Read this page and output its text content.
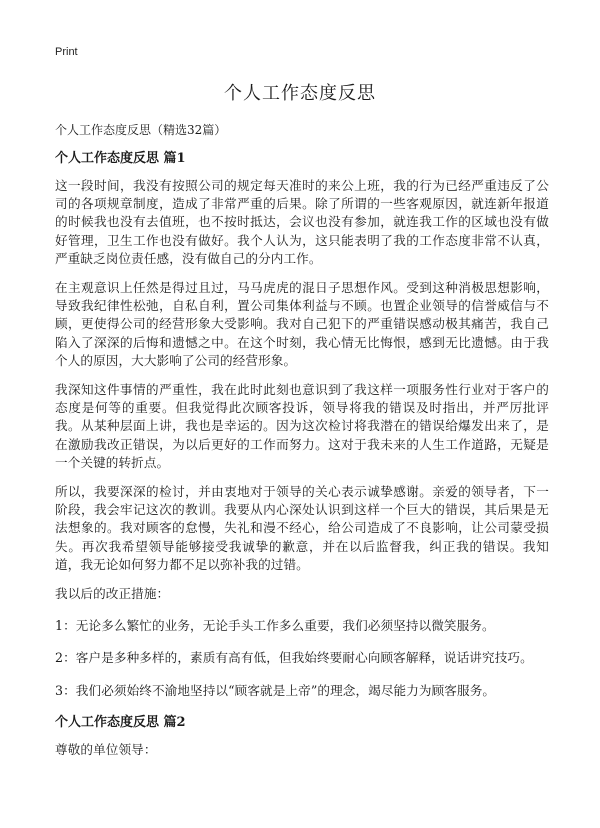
Print
个人工作态度反思

个人工作态度反思（精选32篇）

个人工作态度反思 篇1

这一段时间，我没有按照公司的规定每天准时的来公上班，我的行为已经严重违反了公司的各项规章制度，造成了非常严重的后果。除了所谓的一些客观原因，就连新年报道的时候我也没有去值班，也不按时抵达，会议也没有参加，就连我工作的区域也没有做好管理，卫生工作也没有做好。我个人认为，这只能表明了我的工作态度非常不认真，严重缺乏岗位责任感，没有做自己的分内工作。

在主观意识上任然是得过且过，马马虎虎的混日子思想作风。受到这种消极思想影响，导致我纪律性松弛，自私自利，置公司集体利益与不顾。也置企业领导的信誉威信与不顾，更使得公司的经营形象大受影响。我对自己犯下的严重错误感动极其痛苦，我自己陷入了深深的后悔和遗憾之中。在这个时刻，我心情无比悔恨，感到无比遗憾。由于我个人的原因，大大影响了公司的经营形象。

我深知这件事情的严重性，我在此时此刻也意识到了我这样一项服务性行业对于客户的态度是何等的重要。但我觉得此次顾客投诉，领导将我的错误及时指出，并严厉批评我。从某种层面上讲，我也是幸运的。因为这次检讨将我潜在的错误给爆发出来了，是在激励我改正错误，为以后更好的工作而努力。这对于我未来的人生工作道路，无疑是一个关键的转折点。

所以，我要深深的检讨，并由衷地对于领导的关心表示诚挚感谢。亲爱的领导者，下一阶段，我会牢记这次的教训。我要从内心深处认识到这样一个巨大的错误，其后果是无法想象的。我对顾客的怠慢，失礼和漫不经心，给公司造成了不良影响，让公司蒙受损失。再次我希望领导能够接受我诚挚的歉意，并在以后监督我，纠正我的错误。我知道，我无论如何努力都不足以弥补我的过错。

我以后的改正措施：

1：无论多么繁忙的业务，无论手头工作多么重要，我们必须坚持以微笑服务。

2：客户是多种多样的，素质有高有低，但我始终要耐心向顾客解释，说话讲究技巧。

3：我们必须始终不渝地坚持以“顾客就是上帝”的理念，竭尽能力为顾客服务。

个人工作态度反思 篇2

尊敬的单位领导：
